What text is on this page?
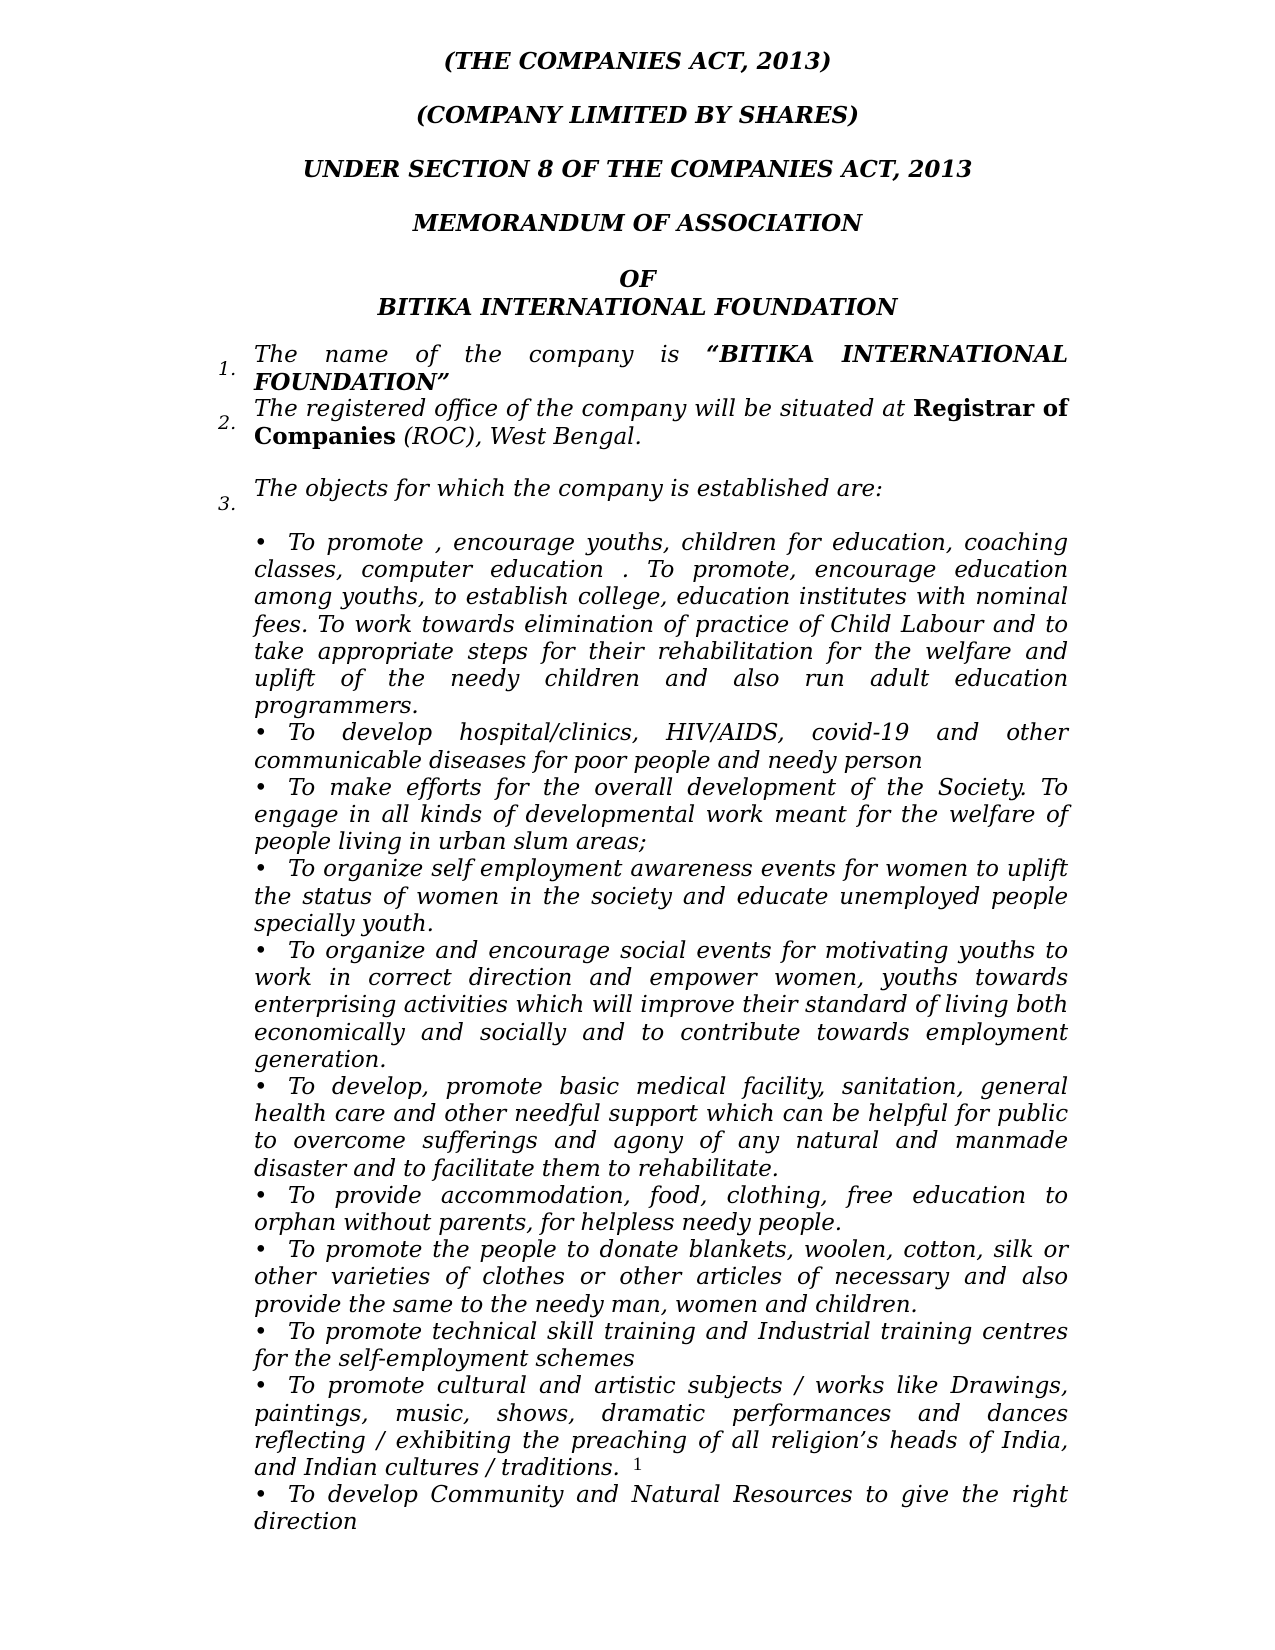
(THE COMPANIES ACT, 2013)
(COMPANY LIMITED BY SHARES)
UNDER SECTION 8 OF THE COMPANIES ACT, 2013
MEMORANDUM OF ASSOCIATION
OF
BITIKA INTERNATIONAL FOUNDATION
1.
The name of the company is “BITIKA INTERNATIONAL FOUNDATION”
2.
The registered office of the company will be situated at Registrar of Companies (ROC), West Bengal.
3.
The objects for which the company is established are:

• To promote , encourage youths, children for education, coaching classes, computer education . To promote, encourage education among youths, to establish college, education institutes with nominal fees. To work towards elimination of practice of Child Labour and to take appropriate steps for their rehabilitation for the welfare and uplift of the needy children and also run adult education programmers.

• To develop hospital/clinics, HIV/AIDS, covid-19 and other communicable diseases for poor people and needy person

• To make efforts for the overall development of the Society. To engage in all kinds of developmental work meant for the welfare of people living in urban slum areas;

• To organize self employment awareness events for women to uplift the status of women in the society and educate unemployed people specially youth.

• To organize and encourage social events for motivating youths to work in correct direction and empower women, youths towards enterprising activities which will improve their standard of living both economically and socially and to contribute towards employment generation.

• To develop, promote basic medical facility, sanitation, general health care and other needful support which can be helpful for public to overcome sufferings and agony of any natural and manmade disaster and to facilitate them to rehabilitate.

• To provide accommodation, food, clothing, free education to orphan without parents, for helpless needy people.

• To promote the people to donate blankets, woolen, cotton, silk or other varieties of clothes or other articles of necessary and also provide the same to the needy man, women and children.

• To promote technical skill training and Industrial training centres for the self-employment schemes

• To promote cultural and artistic subjects / works like Drawings, paintings, music, shows, dramatic performances and dances reflecting / exhibiting the preaching of all religion’s heads of India, and Indian cultures / traditions.

• To develop Community and Natural Resources to give the right direction

1
